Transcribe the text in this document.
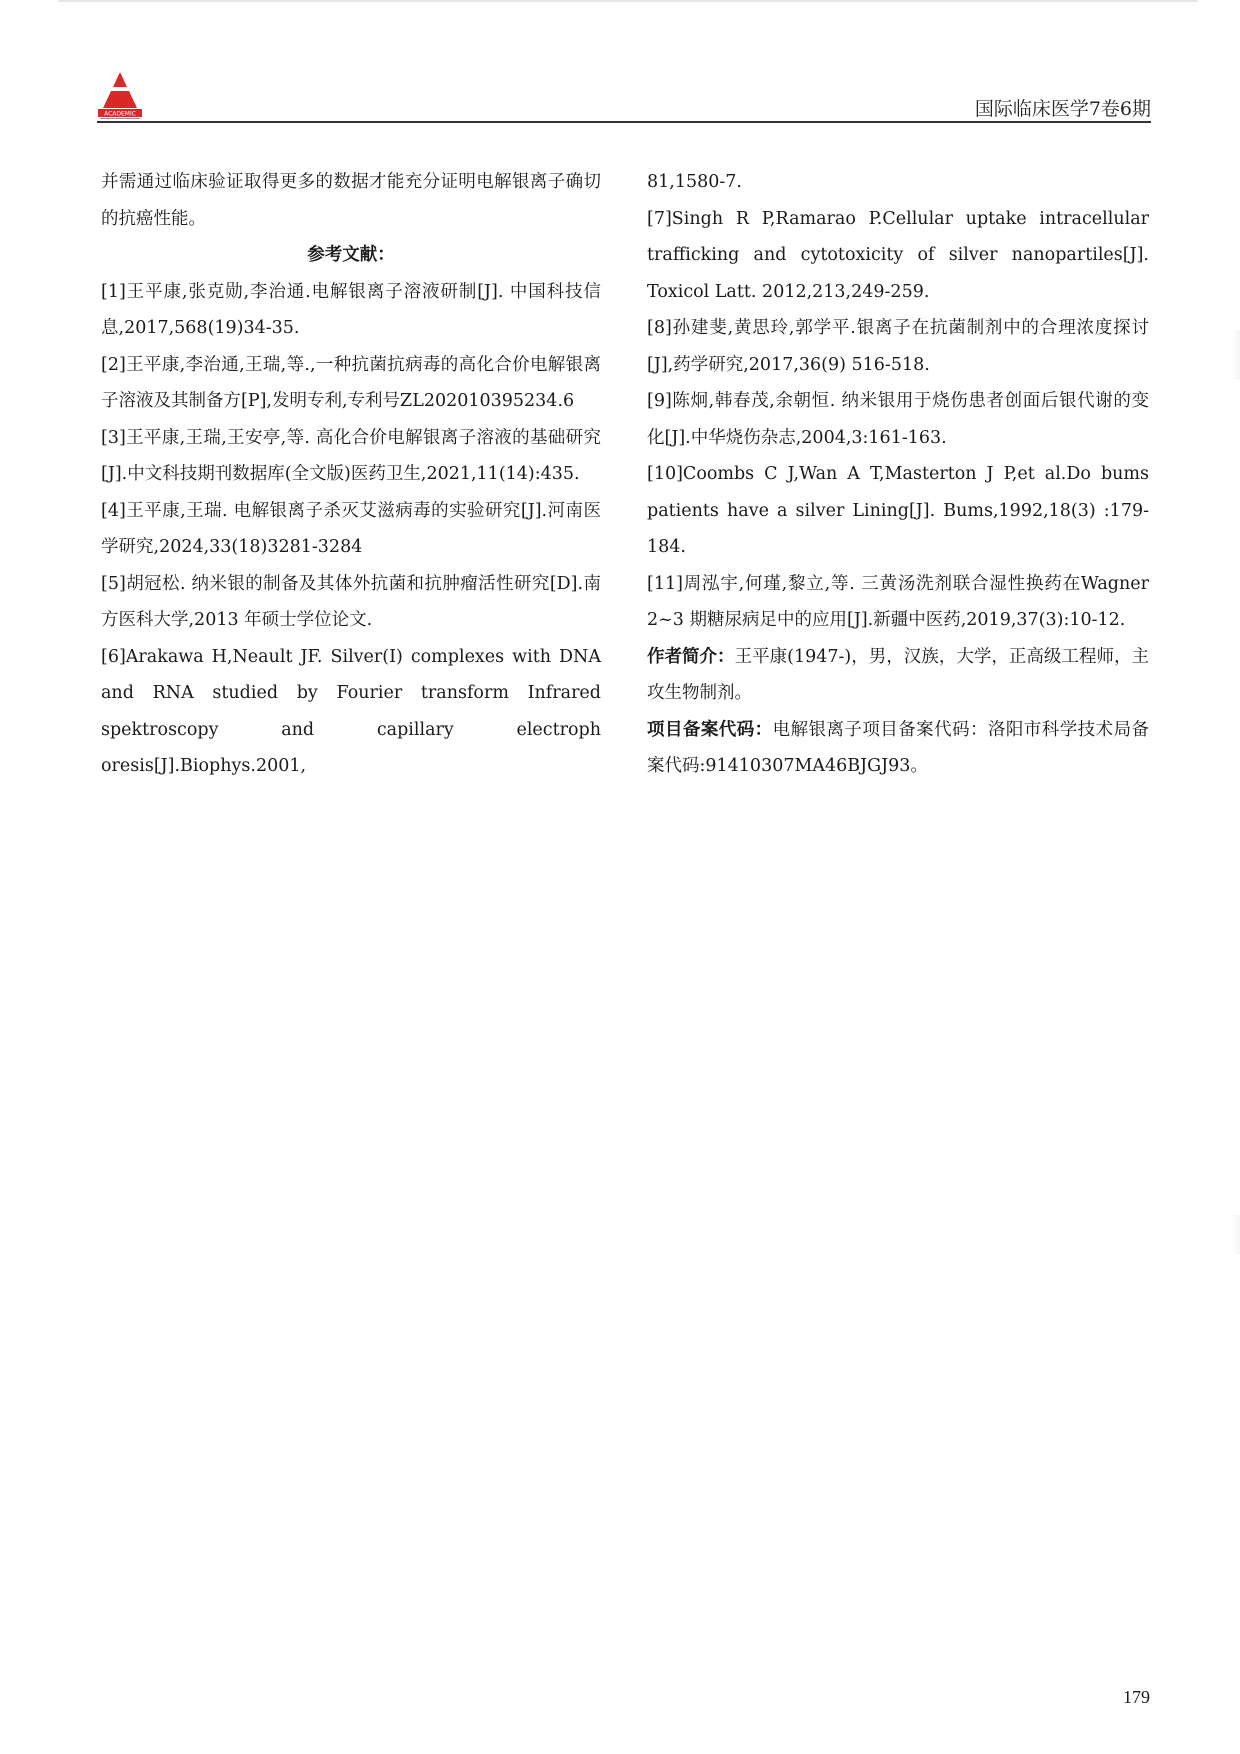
ACADEMIC	国际临床医学7卷6期

并需通过临床验证取得更多的数据才能充分证明电解银离子确切的抗癌性能。

参考文献：

[1]王平康,张克勋,李治通.电解银离子溶液研制[J]. 中国科技信息,2017,568(19)34-35.

[2]王平康,李治通,王瑞,等.,一种抗菌抗病毒的高化合价电解银离子溶液及其制备方[P],发明专利,专利号ZL202010395234.6

[3]王平康,王瑞,王安亭,等. 高化合价电解银离子溶液的基础研究[J].中文科技期刊数据库(全文版)医药卫生,2021,11(14):435.

[4]王平康,王瑞. 电解银离子杀灭艾滋病毒的实验研究[J].河南医学研究,2024,33(18)3281-3284

[5]胡冠松. 纳米银的制备及其体外抗菌和抗肿瘤活性研究[D].南方医科大学,2013 年硕士学位论文.

[6]Arakawa H,Neault JF. Silver(I) complexes with DNA and RNA studied by Fourier transform Infrared spektroscopy and capillary electroph oresis[J].Biophys.2001,

81,1580-7.

[7]Singh R P,Ramarao P.Cellular uptake intracellular trafficking and cytotoxicity of silver nanopartiles[J]. Toxicol Latt. 2012,213,249-259.

[8]孙建斐,黄思玲,郭学平.银离子在抗菌制剂中的合理浓度探讨[J],药学研究,2017,36(9) 516-518.

[9]陈炯,韩春茂,余朝恒. 纳米银用于烧伤患者创面后银代谢的变化[J].中华烧伤杂志,2004,3:161-163.

[10]Coombs C J,Wan A T,Masterton J P,et al.Do bums patients have a silver Lining[J]. Bums,1992,18(3) :179-184.

[11]周泓宇,何瑾,黎立,等. 三黄汤洗剂联合湿性换药在Wagner 2~3 期糖尿病足中的应用[J].新疆中医药,2019,37(3):10-12.

作者简介：王平康(1947-)，男，汉族，大学，正高级工程师，主攻生物制剂。

项目备案代码：电解银离子项目备案代码：洛阳市科学技术局备案代码:91410307MA46BJGJ93。

179
